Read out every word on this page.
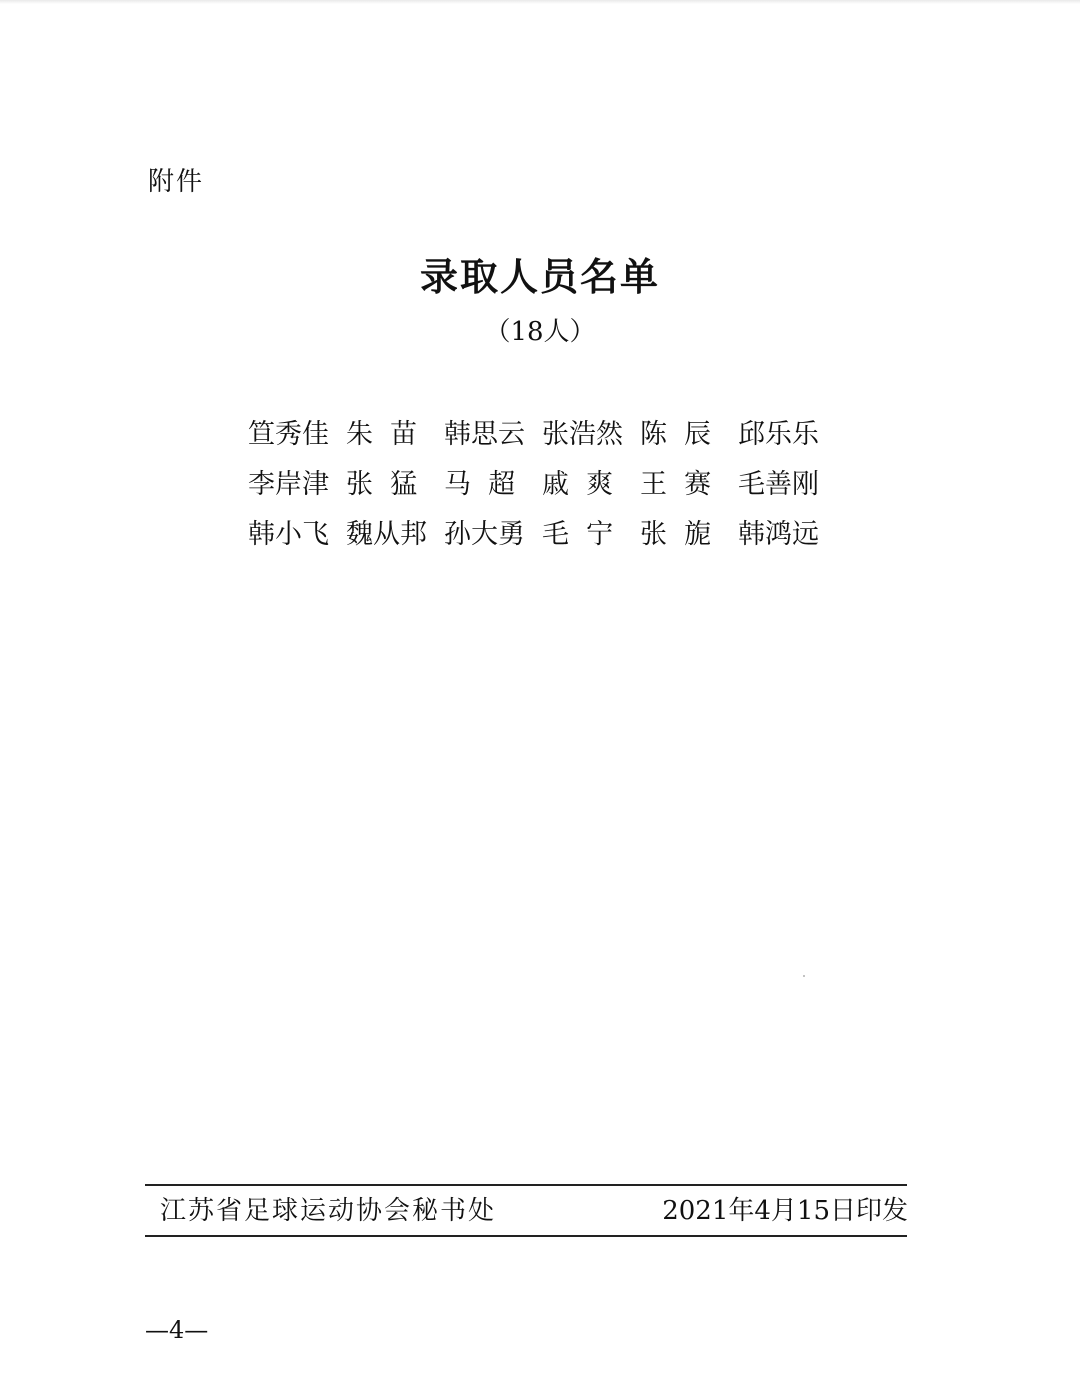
附件
录取人员名单
（18人）
笪秀佳 朱  苗 韩思云 张浩然 陈  辰 邱乐乐
李岸津 张  猛 马  超 戚  爽 王  赛 毛善刚
韩小飞 魏从邦 孙大勇 毛  宁 张  旎 韩鸿远
江苏省足球运动协会秘书处	2021年4月15日印发
—4—
